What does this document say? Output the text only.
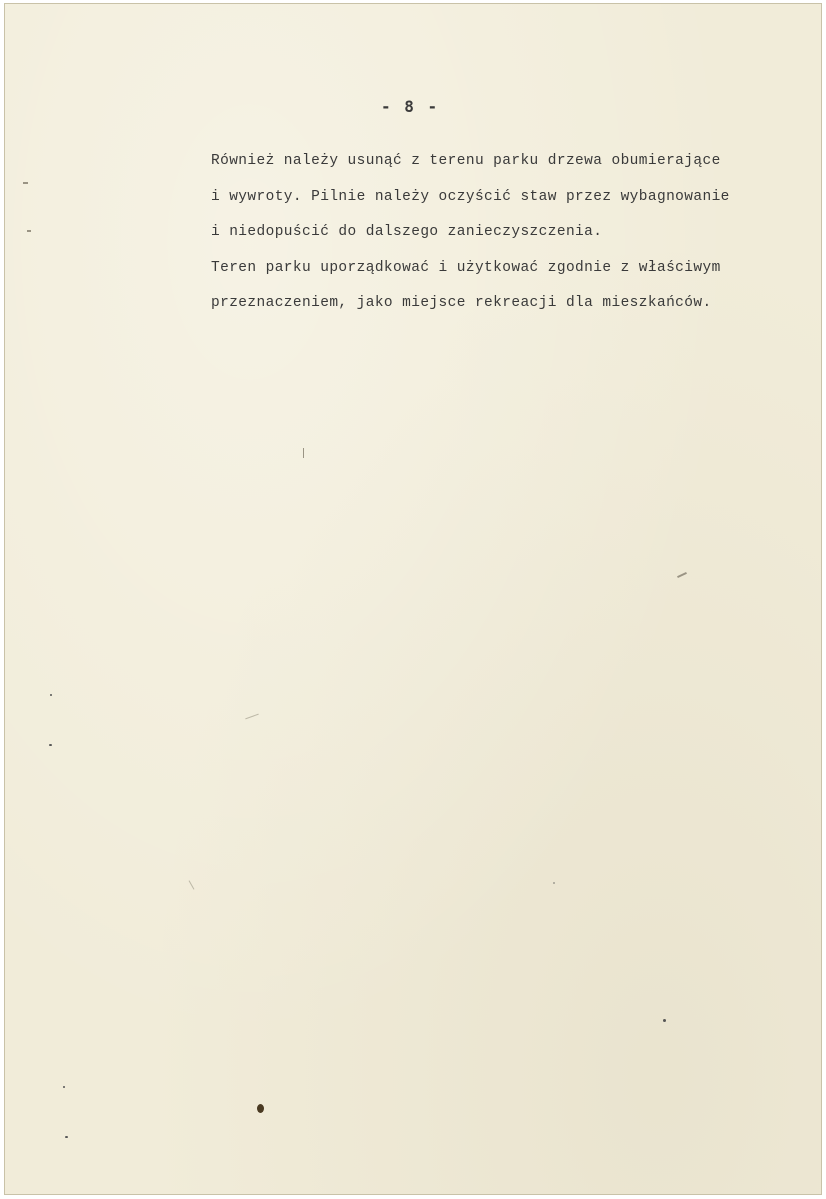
- 8 -
Również należy usunąć z terenu parku drzewa obumierające
i wywroty. Pilnie należy oczyścić staw przez wybagnowanie
i niedopuścić do dalszego zanieczyszczenia.
Teren parku uporządkować i użytkować zgodnie z właściwym
przeznaczeniem, jako miejsce rekreacji dla mieszkańców.
